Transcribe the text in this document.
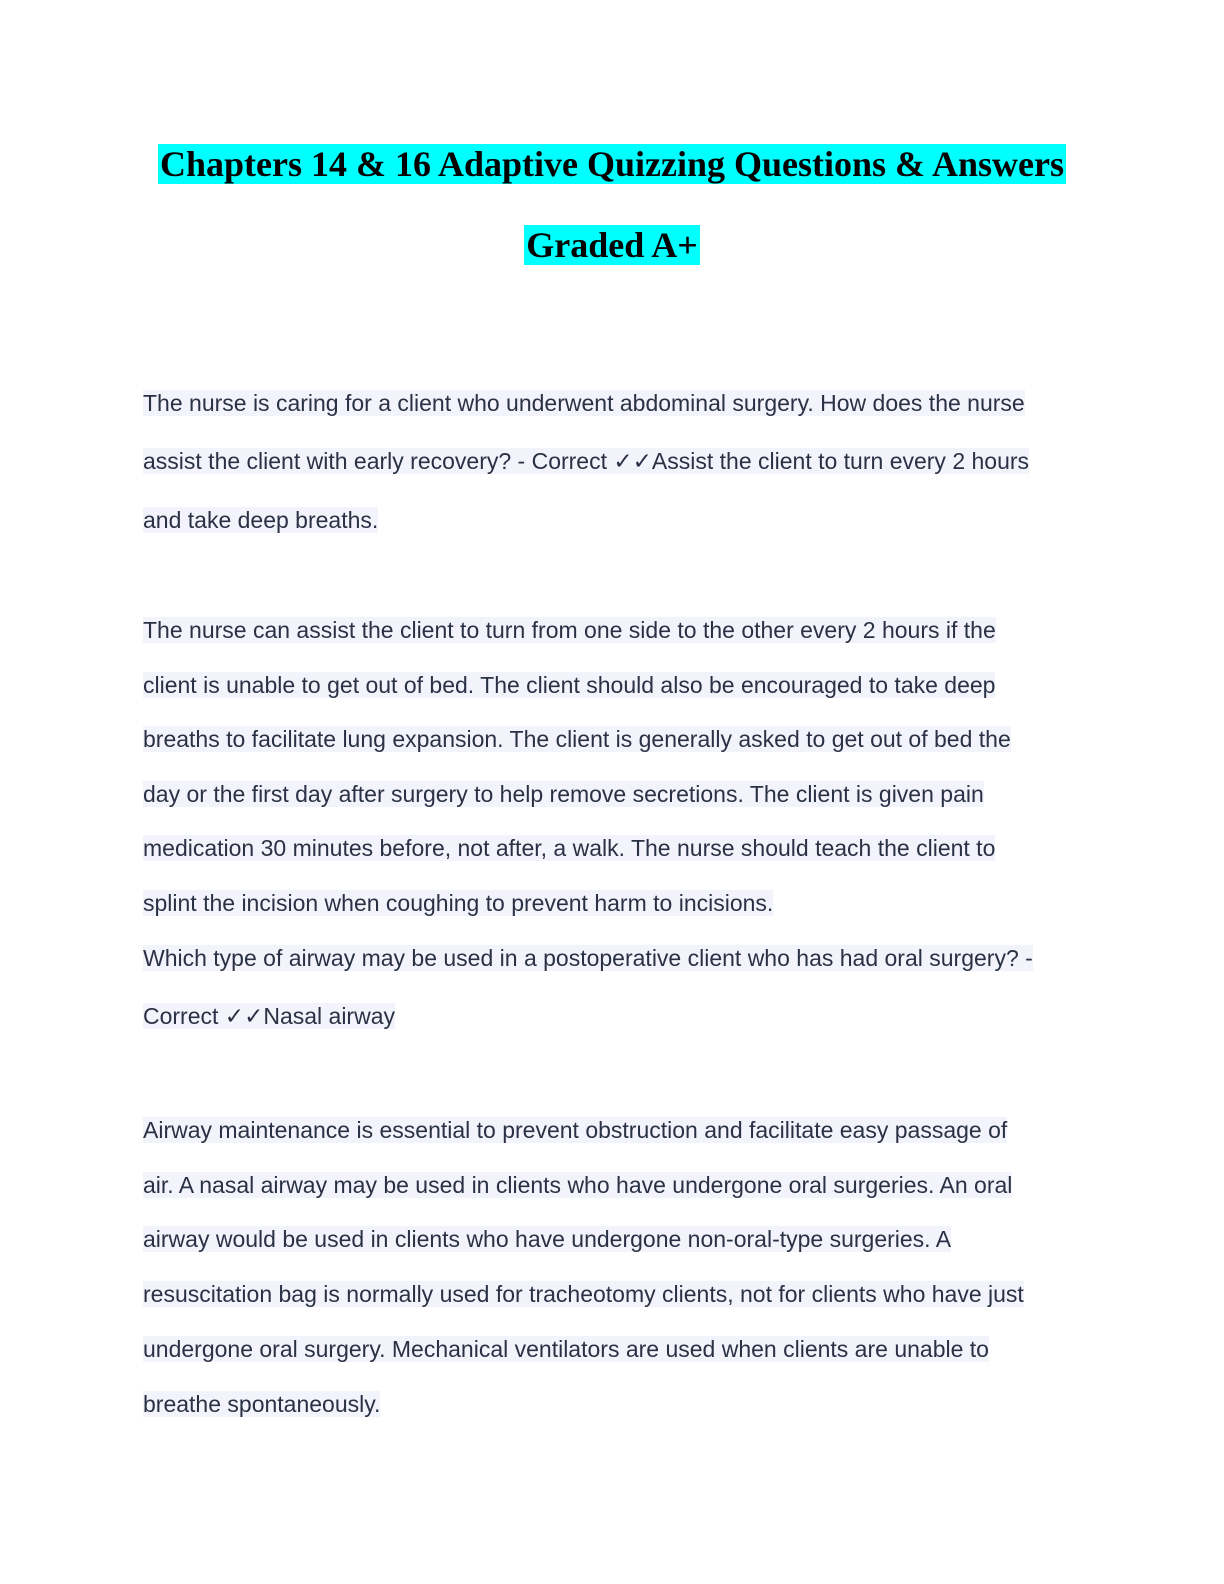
Chapters 14 & 16 Adaptive Quizzing Questions & Answers
Graded A+
The nurse is caring for a client who underwent abdominal surgery. How does the nurse
assist the client with early recovery? - Correct ✓✓Assist the client to turn every 2 hours
and take deep breaths.
The nurse can assist the client to turn from one side to the other every 2 hours if the
client is unable to get out of bed. The client should also be encouraged to take deep
breaths to facilitate lung expansion. The client is generally asked to get out of bed the
day or the first day after surgery to help remove secretions. The client is given pain
medication 30 minutes before, not after, a walk. The nurse should teach the client to
splint the incision when coughing to prevent harm to incisions.
Which type of airway may be used in a postoperative client who has had oral surgery? -
Correct ✓✓Nasal airway
Airway maintenance is essential to prevent obstruction and facilitate easy passage of
air. A nasal airway may be used in clients who have undergone oral surgeries. An oral
airway would be used in clients who have undergone non-oral-type surgeries. A
resuscitation bag is normally used for tracheotomy clients, not for clients who have just
undergone oral surgery. Mechanical ventilators are used when clients are unable to
breathe spontaneously.
